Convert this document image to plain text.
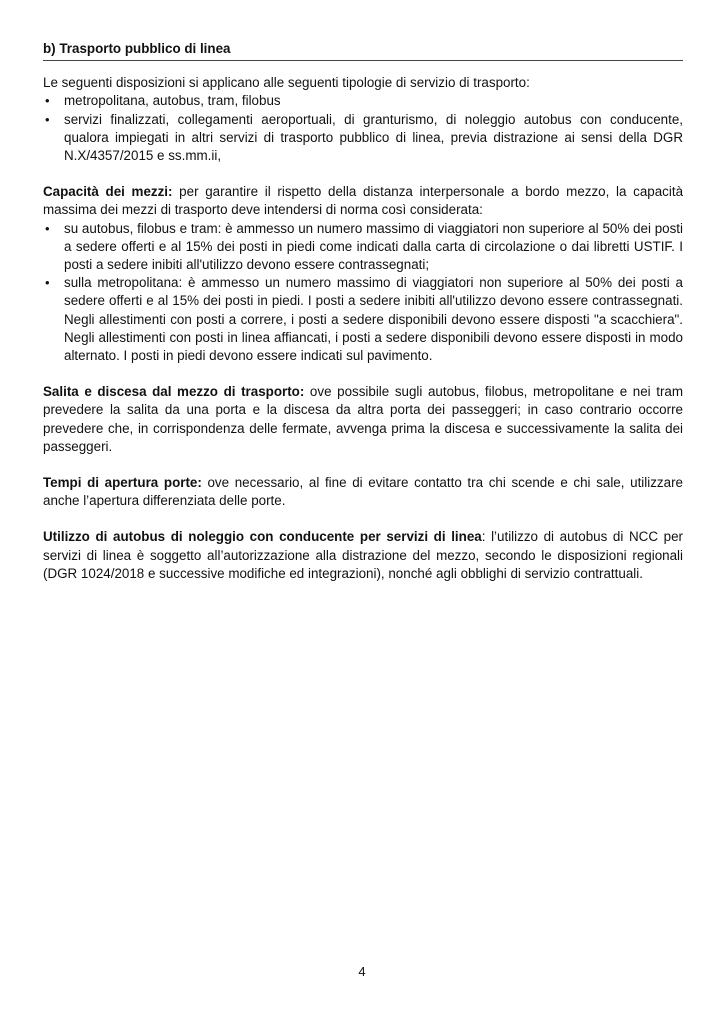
b) Trasporto pubblico di linea

Le seguenti disposizioni si applicano alle seguenti tipologie di servizio di trasporto:

• metropolitana, autobus, tram, filobus
• servizi finalizzati, collegamenti aeroportuali, di granturismo, di noleggio autobus con conducente, qualora impiegati in altri servizi di trasporto pubblico di linea, previa distrazione ai sensi della DGR N.X/4357/2015 e ss.mm.ii,

Capacità dei mezzi: per garantire il rispetto della distanza interpersonale a bordo mezzo, la capacità massima dei mezzi di trasporto deve intendersi di norma così considerata:

• su autobus, filobus e tram: è ammesso un numero massimo di viaggiatori non superiore al 50% dei posti a sedere offerti e al 15% dei posti in piedi come indicati dalla carta di circolazione o dai libretti USTIF. I posti a sedere inibiti all'utilizzo devono essere contrassegnati;
• sulla metropolitana: è ammesso un numero massimo di viaggiatori non superiore al 50% dei posti a sedere offerti e al 15% dei posti in piedi. I posti a sedere inibiti all'utilizzo devono essere contrassegnati. Negli allestimenti con posti a correre, i posti a sedere disponibili devono essere disposti "a scacchiera". Negli allestimenti con posti in linea affiancati, i posti a sedere disponibili devono essere disposti in modo alternato. I posti in piedi devono essere indicati sul pavimento.

Salita e discesa dal mezzo di trasporto: ove possibile sugli autobus, filobus, metropolitane e nei tram prevedere la salita da una porta e la discesa da altra porta dei passeggeri; in caso contrario occorre prevedere che, in corrispondenza delle fermate, avvenga prima la discesa e successivamente la salita dei passeggeri.

Tempi di apertura porte: ove necessario, al fine di evitare contatto tra chi scende e chi sale, utilizzare anche l’apertura differenziata delle porte.

Utilizzo di autobus di noleggio con conducente per servizi di linea: l’utilizzo di autobus di NCC per servizi di linea è soggetto all’autorizzazione alla distrazione del mezzo, secondo le disposizioni regionali (DGR 1024/2018 e successive modifiche ed integrazioni), nonché agli obblighi di servizio contrattuali.

4
